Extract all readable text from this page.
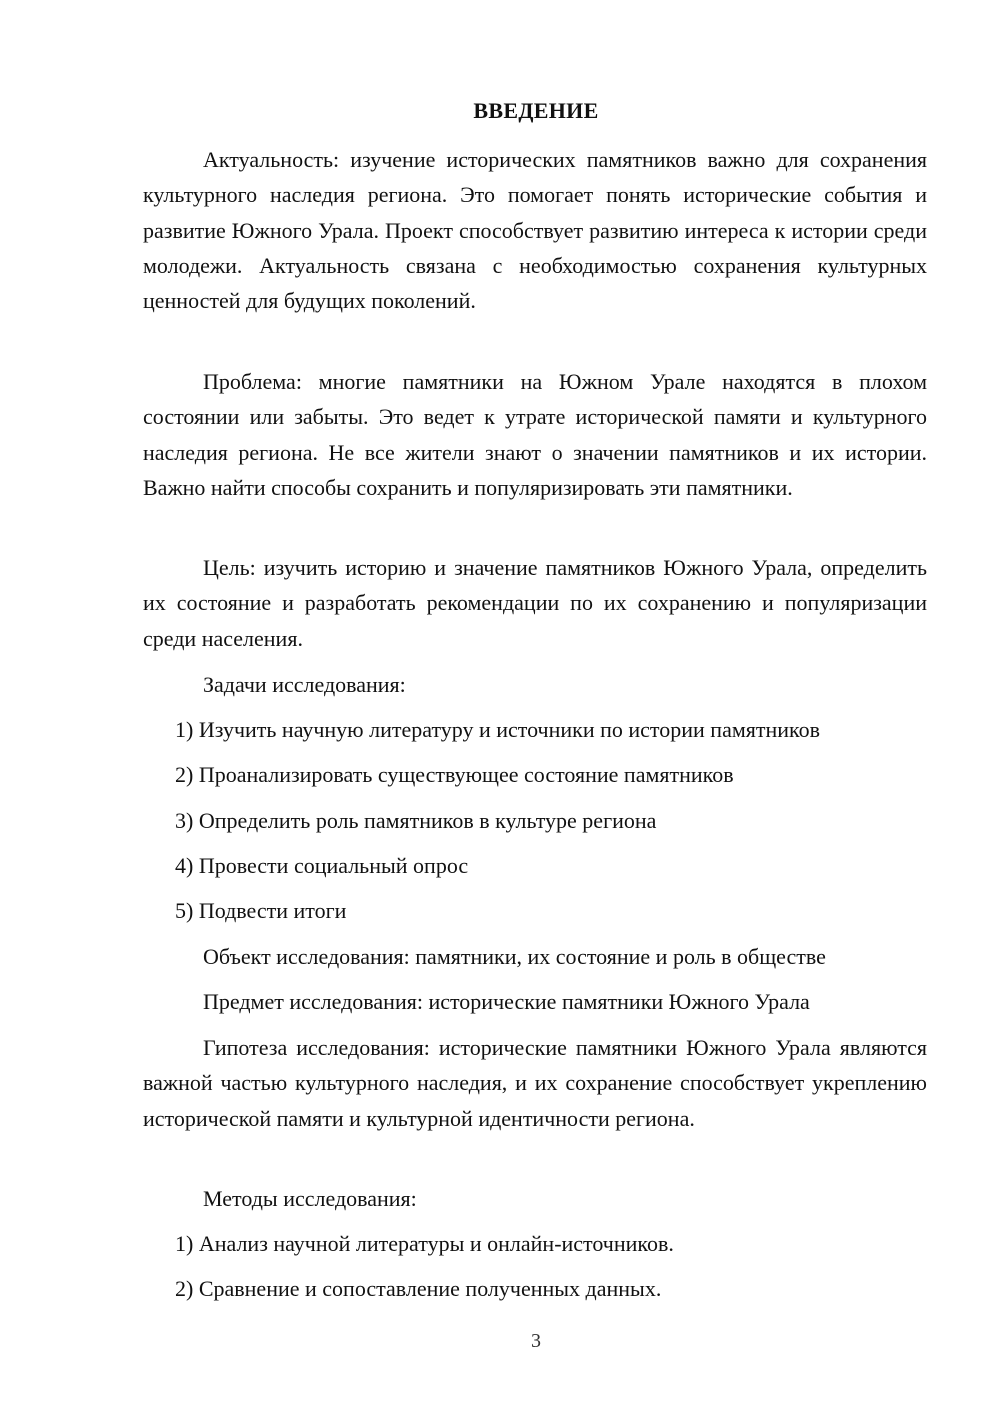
ВВЕДЕНИЕ

Актуальность: изучение исторических памятников важно для сохранения культурного наследия региона. Это помогает понять исторические события и развитие Южного Урала. Проект способствует развитию интереса к истории среди молодежи. Актуальность связана с необходимостью сохранения культурных ценностей для будущих поколений.

Проблема: многие памятники на Южном Урале находятся в плохом состоянии или забыты. Это ведет к утрате исторической памяти и культурного наследия региона. Не все жители знают о значении памятников и их истории. Важно найти способы сохранить и популяризировать эти памятники.

Цель: изучить историю и значение памятников Южного Урала, определить их состояние и разработать рекомендации по их сохранению и популяризации среди населения.

Задачи исследования:

1) Изучить научную литературу и источники по истории памятников

2) Проанализировать существующее состояние памятников

3) Определить роль памятников в культуре региона

4) Провести социальный опрос

5) Подвести итоги

Объект исследования: памятники, их состояние и роль в обществе

Предмет исследования: исторические памятники Южного Урала

Гипотеза исследования: исторические памятники Южного Урала являются важной частью культурного наследия, и их сохранение способствует укреплению исторической памяти и культурной идентичности региона.

Методы исследования:

1) Анализ научной литературы и онлайн-источников.

2) Сравнение и сопоставление полученных данных.

3
